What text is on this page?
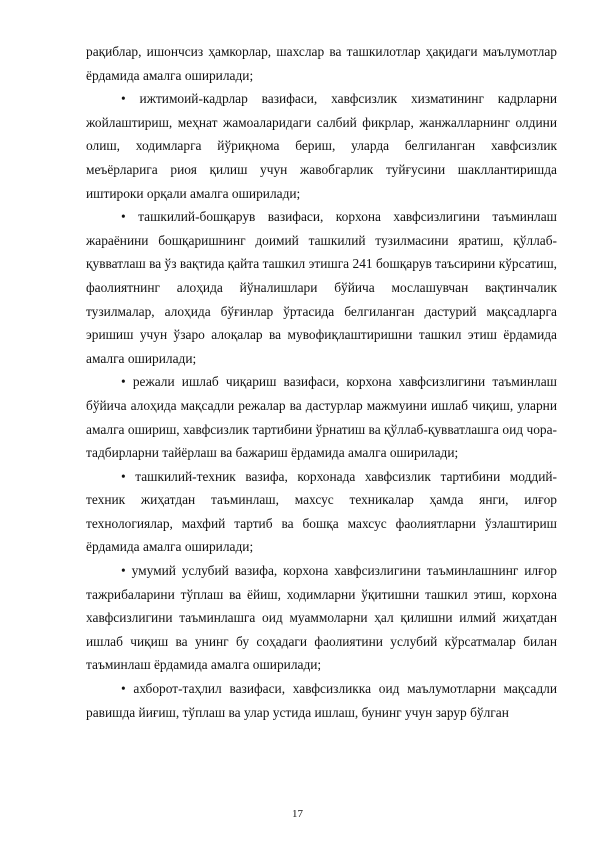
рақиблар, ишончсиз ҳамкорлар, шахслар ва ташкилотлар ҳақидаги маълумотлар ёрдамида амалга оширилади;

• ижтимоий-кадрлар вазифаси, хавфсизлик хизматининг кадрларни жойлаштириш, меҳнат жамоаларидаги салбий фикрлар, жанжалларнинг олдини олиш, ходимларга йўриқнома бериш, уларда белгиланган хавфсизлик меъёрларига риоя қилиш учун жавобгарлик туйғусини шакллантиришда иштироки орқали амалга оширилади;

• ташкилий-бошқарув вазифаси, корхона хавфсизлигини таъминлаш жараёнини бошқаришнинг доимий ташкилий тузилмасини яратиш, қўллаб-қувватлаш ва ўз вақтида қайта ташкил этишга 241 бошқарув таъсирини кўрсатиш, фаолиятнинг алоҳида йўналишлари бўйича мослашувчан вақтинчалик тузилмалар, алоҳида бўғинлар ўртасида белгиланган дастурий мақсадларга эришиш учун ўзаро алоқалар ва мувофиқлаштиришни ташкил этиш ёрдамида амалга оширилади;

• режали ишлаб чиқариш вазифаси, корхона хавфсизлигини таъминлаш бўйича алоҳида мақсадли режалар ва дастурлар мажмуини ишлаб чиқиш, уларни амалга ошириш, хавфсизлик тартибини ўрнатиш ва қўллаб-қувватлашга оид чора-тадбирларни тайёрлаш ва бажариш ёрдамида амалга оширилади;

• ташкилий-техник вазифа, корхонада хавфсизлик тартибини моддий-техник жиҳатдан таъминлаш, махсус техникалар ҳамда янги, илғор технологиялар, махфий тартиб ва бошқа махсус фаолиятларни ўзлаштириш ёрдамида амалга оширилади;

• умумий услубий вазифа, корхона хавфсизлигини таъминлашнинг илғор тажрибаларини тўплаш ва ёйиш, ходимларни ўқитишни ташкил этиш, корхона хавфсизлигини таъминлашга оид муаммоларни ҳал қилишни илмий жиҳатдан ишлаб чиқиш ва унинг бу соҳадаги фаолиятини услубий кўрсатмалар билан таъминлаш ёрдамида амалга оширилади;

• ахборот-таҳлил вазифаси, хавфсизликка оид маълумотларни мақсадли равишда йиғиш, тўплаш ва улар устида ишлаш, бунинг учун зарур бўлган

17
